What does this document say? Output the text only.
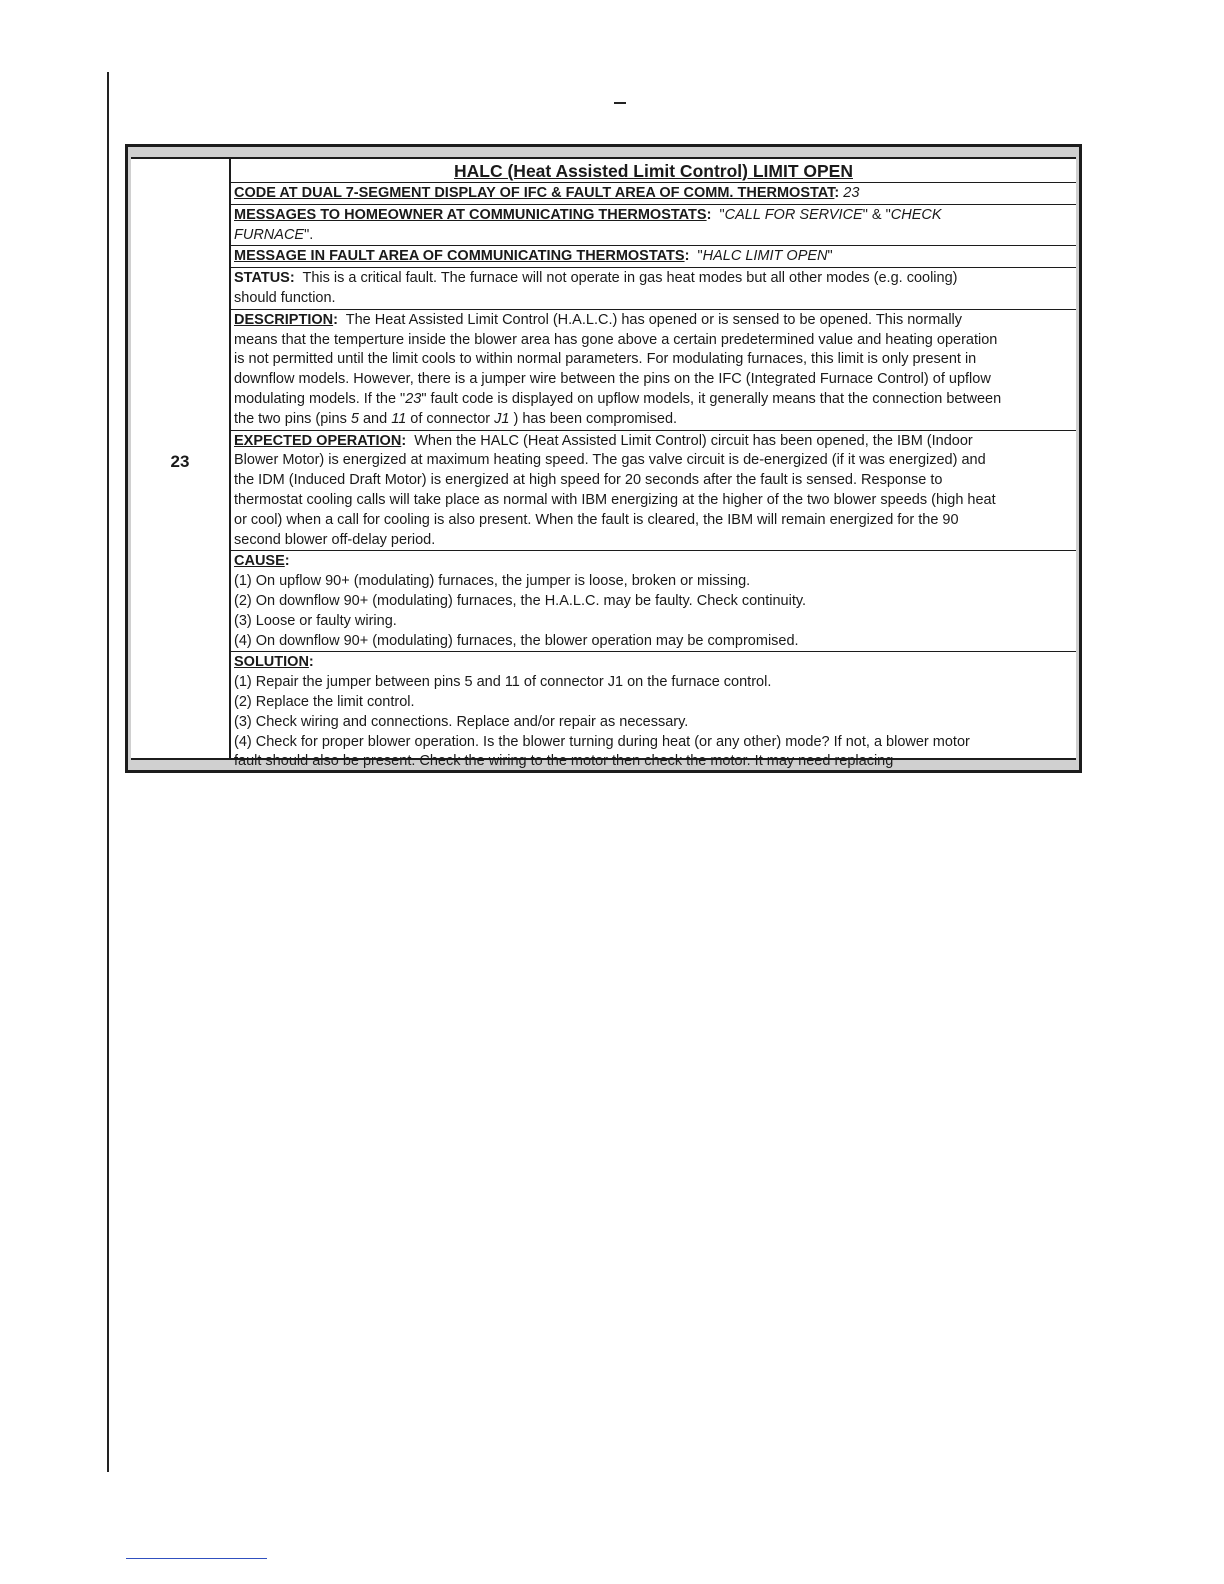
23
HALC (Heat Assisted Limit Control) LIMIT OPEN
CODE AT DUAL 7-SEGMENT DISPLAY OF IFC & FAULT AREA OF COMM. THERMOSTAT: 23
MESSAGES TO HOMEOWNER AT COMMUNICATING THERMOSTATS:  "CALL FOR SERVICE" & "CHECK
FURNACE".
MESSAGE IN FAULT AREA OF COMMUNICATING THERMOSTATS:  "HALC LIMIT OPEN"
STATUS: This is a critical fault. The furnace will not operate in gas heat modes but all other modes (e.g. cooling)
should function.
DESCRIPTION: The Heat Assisted Limit Control (H.A.L.C.) has opened or is sensed to be opened. This normally
means that the temperture inside the blower area has gone above a certain predetermined value and heating operation
is not permitted until the limit cools to within normal parameters. For modulating furnaces, this limit is only present in
downflow models. However, there is a jumper wire between the pins on the IFC (Integrated Furnace Control) of upflow
modulating models. If the "23" fault code is displayed on upflow models, it generally means that the connection between
the two pins (pins 5 and 11 of connector J1 ) has been compromised.
EXPECTED OPERATION: When the HALC (Heat Assisted Limit Control) circuit has been opened, the IBM (Indoor
Blower Motor) is energized at maximum heating speed. The gas valve circuit is de-energized (if it was energized) and
the IDM (Induced Draft Motor) is energized at high speed for 20 seconds after the fault is sensed. Response to
thermostat cooling calls will take place as normal with IBM energizing at the higher of the two blower speeds (high heat
or cool) when a call for cooling is also present. When the fault is cleared, the IBM will remain energized for the 90
second blower off-delay period.
CAUSE:
(1) On upflow 90+ (modulating) furnaces, the jumper is loose, broken or missing.
(2) On downflow 90+ (modulating) furnaces, the H.A.L.C. may be faulty. Check continuity.
(3) Loose or faulty wiring.
(4) On downflow 90+ (modulating) furnaces, the blower operation may be compromised.
SOLUTION:
(1) Repair the jumper between pins 5 and 11 of connector J1 on the furnace control.
(2) Replace the limit control.
(3) Check wiring and connections. Replace and/or repair as necessary.
(4) Check for proper blower operation. Is the blower turning during heat (or any other) mode? If not, a blower motor
fault should also be present. Check the wiring to the motor then check the motor. It may need replacing
